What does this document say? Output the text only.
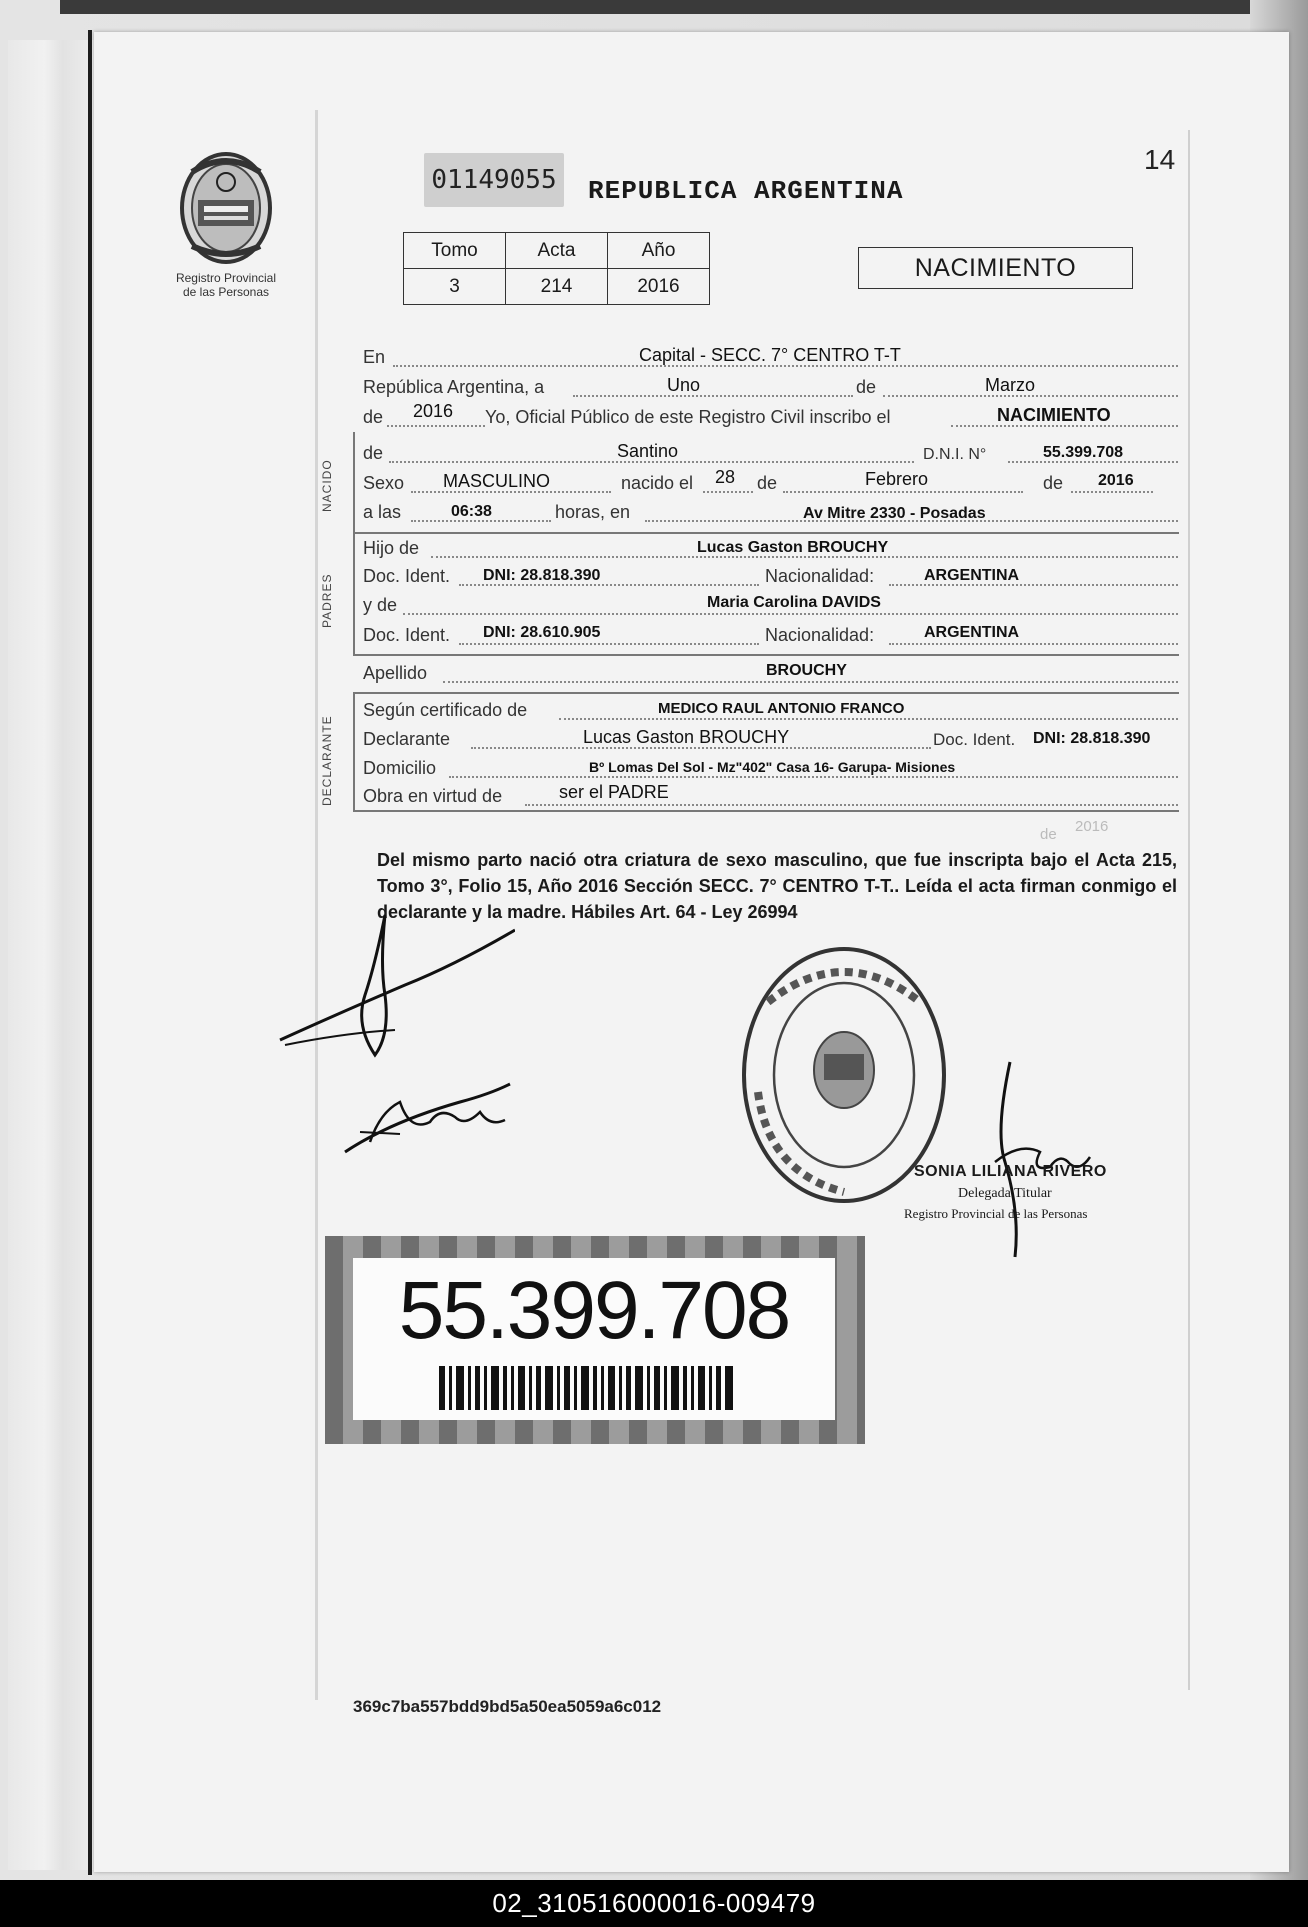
Registro Provincial
de las Personas
01149055 REPUBLICA ARGENTINA
14
Tomo	Acta	Año
3	214	2016
NACIMIENTO
En	Capital - SECC. 7° CENTRO T-T
República Argentina, a	Uno	de	Marzo
de 2016 Yo, Oficial Público de este Registro Civil inscribo el	NACIMIENTO
NACIDO
de	Santino	D.N.I. N°	55.399.708
Sexo MASCULINO	nacido el 28 de	Febrero	de 2016
a las	06:38	horas, en	Av Mitre 2330 - Posadas
PADRES
Hijo de	Lucas Gaston BROUCHY
Doc. Ident. DNI: 28.818.390	Nacionalidad:	ARGENTINA
y de	Maria Carolina DAVIDS
Doc. Ident. DNI: 28.610.905	Nacionalidad:	ARGENTINA
Apellido	BROUCHY
DECLARANTE
Según certificado de	MEDICO RAUL ANTONIO FRANCO
Declarante	Lucas Gaston BROUCHY	Doc. Ident. DNI: 28.818.390
Domicilio	Bº Lomas Del Sol - Mz"402" Casa 16- Garupa- Misiones
Obra en virtud de	ser el PADRE
de 2016
Del mismo parto nació otra criatura de sexo masculino, que fue inscripta bajo el Acta 215, Tomo 3°, Folio 15, Año 2016 Sección SECC. 7° CENTRO T-T.. Leída el acta firman conmigo el declarante y la madre. Hábiles Art. 64 - Ley 26994
SONIA LILIANA RIVERO
Delegada Titular
Registro Provincial de las Personas
55.399.708
369c7ba557bdd9bd5a50ea5059a6c012
02_310516000016-009479
